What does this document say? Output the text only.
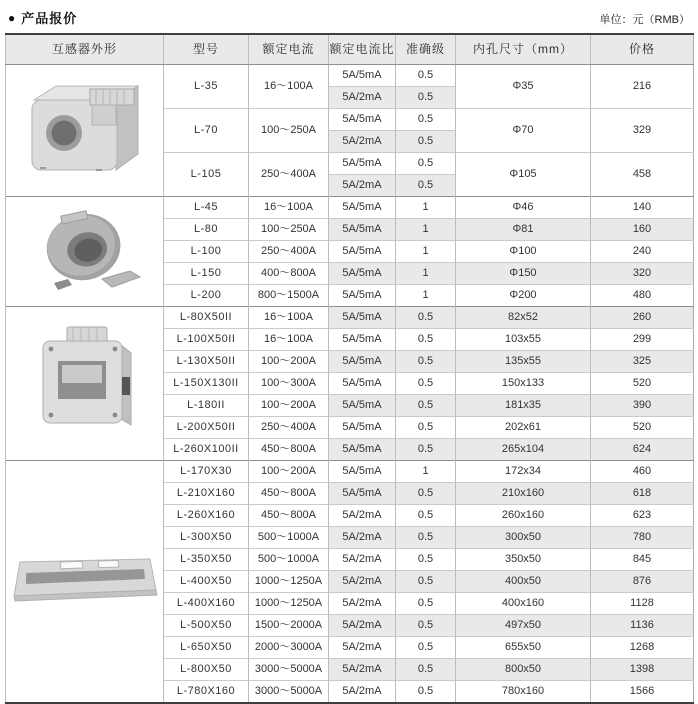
● 产品报价	单位：元（RMB）
互感器外形	型号	额定电流	额定电流比	准确级	内孔尺寸（mm）	价格
	L-35	16～100A	5A/5mA	0.5	Φ35	216
			5A/2mA	0.5		
	L-70	100～250A	5A/5mA	0.5	Φ70	329
			5A/2mA	0.5		
	L-105	250～400A	5A/5mA	0.5	Φ105	458
			5A/2mA	0.5		
	L-45	16～100A	5A/5mA	1	Φ46	140
	L-80	100～250A	5A/5mA	1	Φ81	160
	L-100	250～400A	5A/5mA	1	Φ100	240
	L-150	400～800A	5A/5mA	1	Φ150	320
	L-200	800～1500A	5A/5mA	1	Φ200	480
	L-80X50II	16～100A	5A/5mA	0.5	82x52	260
	L-100X50II	16～100A	5A/5mA	0.5	103x55	299
	L-130X50II	100～200A	5A/5mA	0.5	135x55	325
	L-150X130II	100～300A	5A/5mA	0.5	150x133	520
	L-180II	100～200A	5A/5mA	0.5	181x35	390
	L-200X50II	250～400A	5A/5mA	0.5	202x61	520
	L-260X100II	450～800A	5A/5mA	0.5	265x104	624
	L-170X30	100～200A	5A/5mA	1	172x34	460
	L-210X160	450～800A	5A/5mA	0.5	210x160	618
	L-260X160	450～800A	5A/2mA	0.5	260x160	623
	L-300X50	500～1000A	5A/2mA	0.5	300x50	780
	L-350X50	500～1000A	5A/2mA	0.5	350x50	845
	L-400X50	1000～1250A	5A/2mA	0.5	400x50	876
	L-400X160	1000～1250A	5A/2mA	0.5	400x160	1128
	L-500X50	1500～2000A	5A/2mA	0.5	497x50	1136
	L-650X50	2000～3000A	5A/2mA	0.5	655x50	1268
	L-800X50	3000～5000A	5A/2mA	0.5	800x50	1398
	L-780X160	3000～5000A	5A/2mA	0.5	780x160	1566
